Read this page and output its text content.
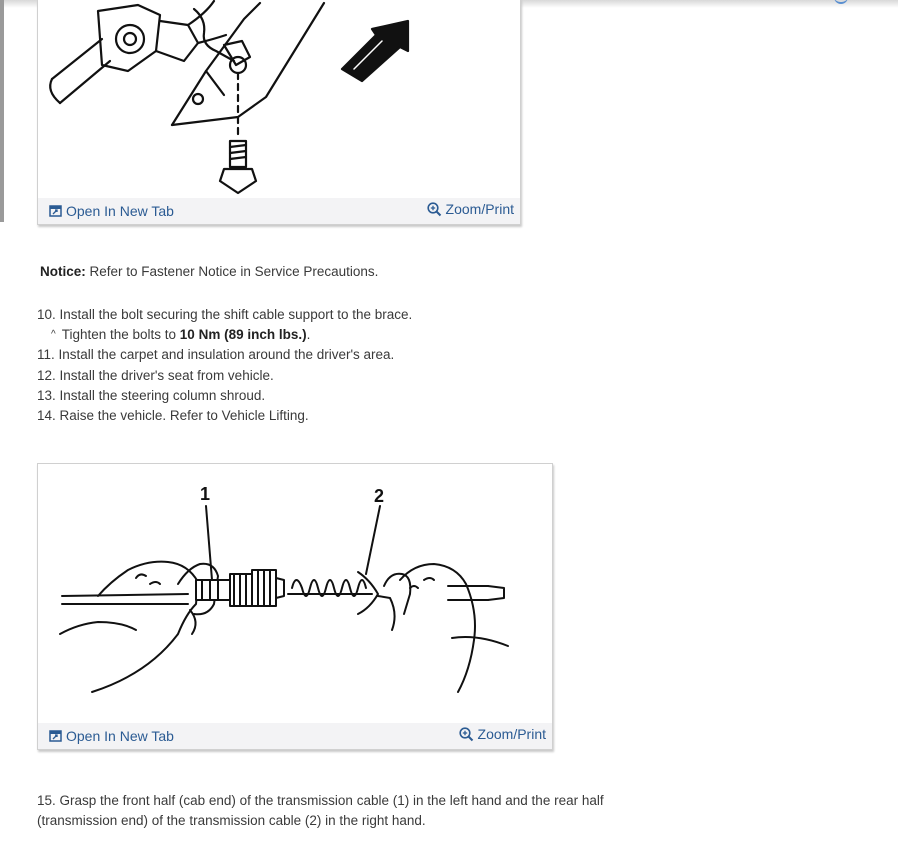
Open In New Tab	Zoom/Print
Notice: Refer to Fastener Notice in Service Precautions.
10. Install the bolt securing the shift cable support to the brace.
^ Tighten the bolts to 10 Nm (89 inch lbs.).
11. Install the carpet and insulation around the driver's area.
12. Install the driver's seat from vehicle.
13. Install the steering column shroud.
14. Raise the vehicle. Refer to Vehicle Lifting.
1	2
Open In New Tab	Zoom/Print
15. Grasp the front half (cab end) of the transmission cable (1) in the left hand and the rear half (transmission end) of the transmission cable (2) in the right hand.
